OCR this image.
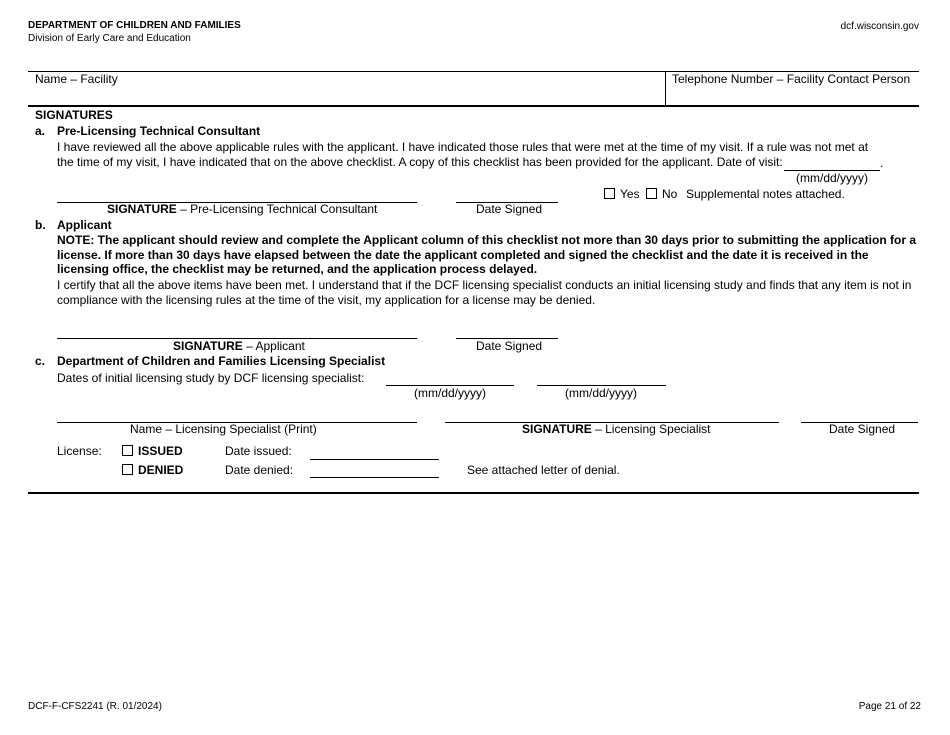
DEPARTMENT OF CHILDREN AND FAMILIES
Division of Early Care and Education
dcf.wisconsin.gov
Name – Facility	Telephone Number – Facility Contact Person
SIGNATURES
a. Pre-Licensing Technical Consultant
I have reviewed all the above applicable rules with the applicant. I have indicated those rules that were met at the time of my visit. If a rule was not met at the time of my visit, I have indicated that on the above checklist. A copy of this checklist has been provided for the applicant. Date of visit:	.
(mm/dd/yyyy)
SIGNATURE – Pre-Licensing Technical Consultant	Date Signed
Yes No Supplemental notes attached.
b. Applicant
NOTE: The applicant should review and complete the Applicant column of this checklist not more than 30 days prior to submitting the application for a license. If more than 30 days have elapsed between the date the applicant completed and signed the checklist and the date it is received in the licensing office, the checklist may be returned, and the application process delayed.
I certify that all the above items have been met. I understand that if the DCF licensing specialist conducts an initial licensing study and finds that any item is not in compliance with the licensing rules at the time of the visit, my application for a license may be denied.
SIGNATURE – Applicant	Date Signed
c. Department of Children and Families Licensing Specialist
Dates of initial licensing study by DCF licensing specialist:
(mm/dd/yyyy)	(mm/dd/yyyy)
Name – Licensing Specialist (Print)	SIGNATURE – Licensing Specialist	Date Signed
License:	ISSUED	Date issued:
DENIED	Date denied:	See attached letter of denial.
DCF-F-CFS2241 (R. 01/2024)	Page 21 of 22
